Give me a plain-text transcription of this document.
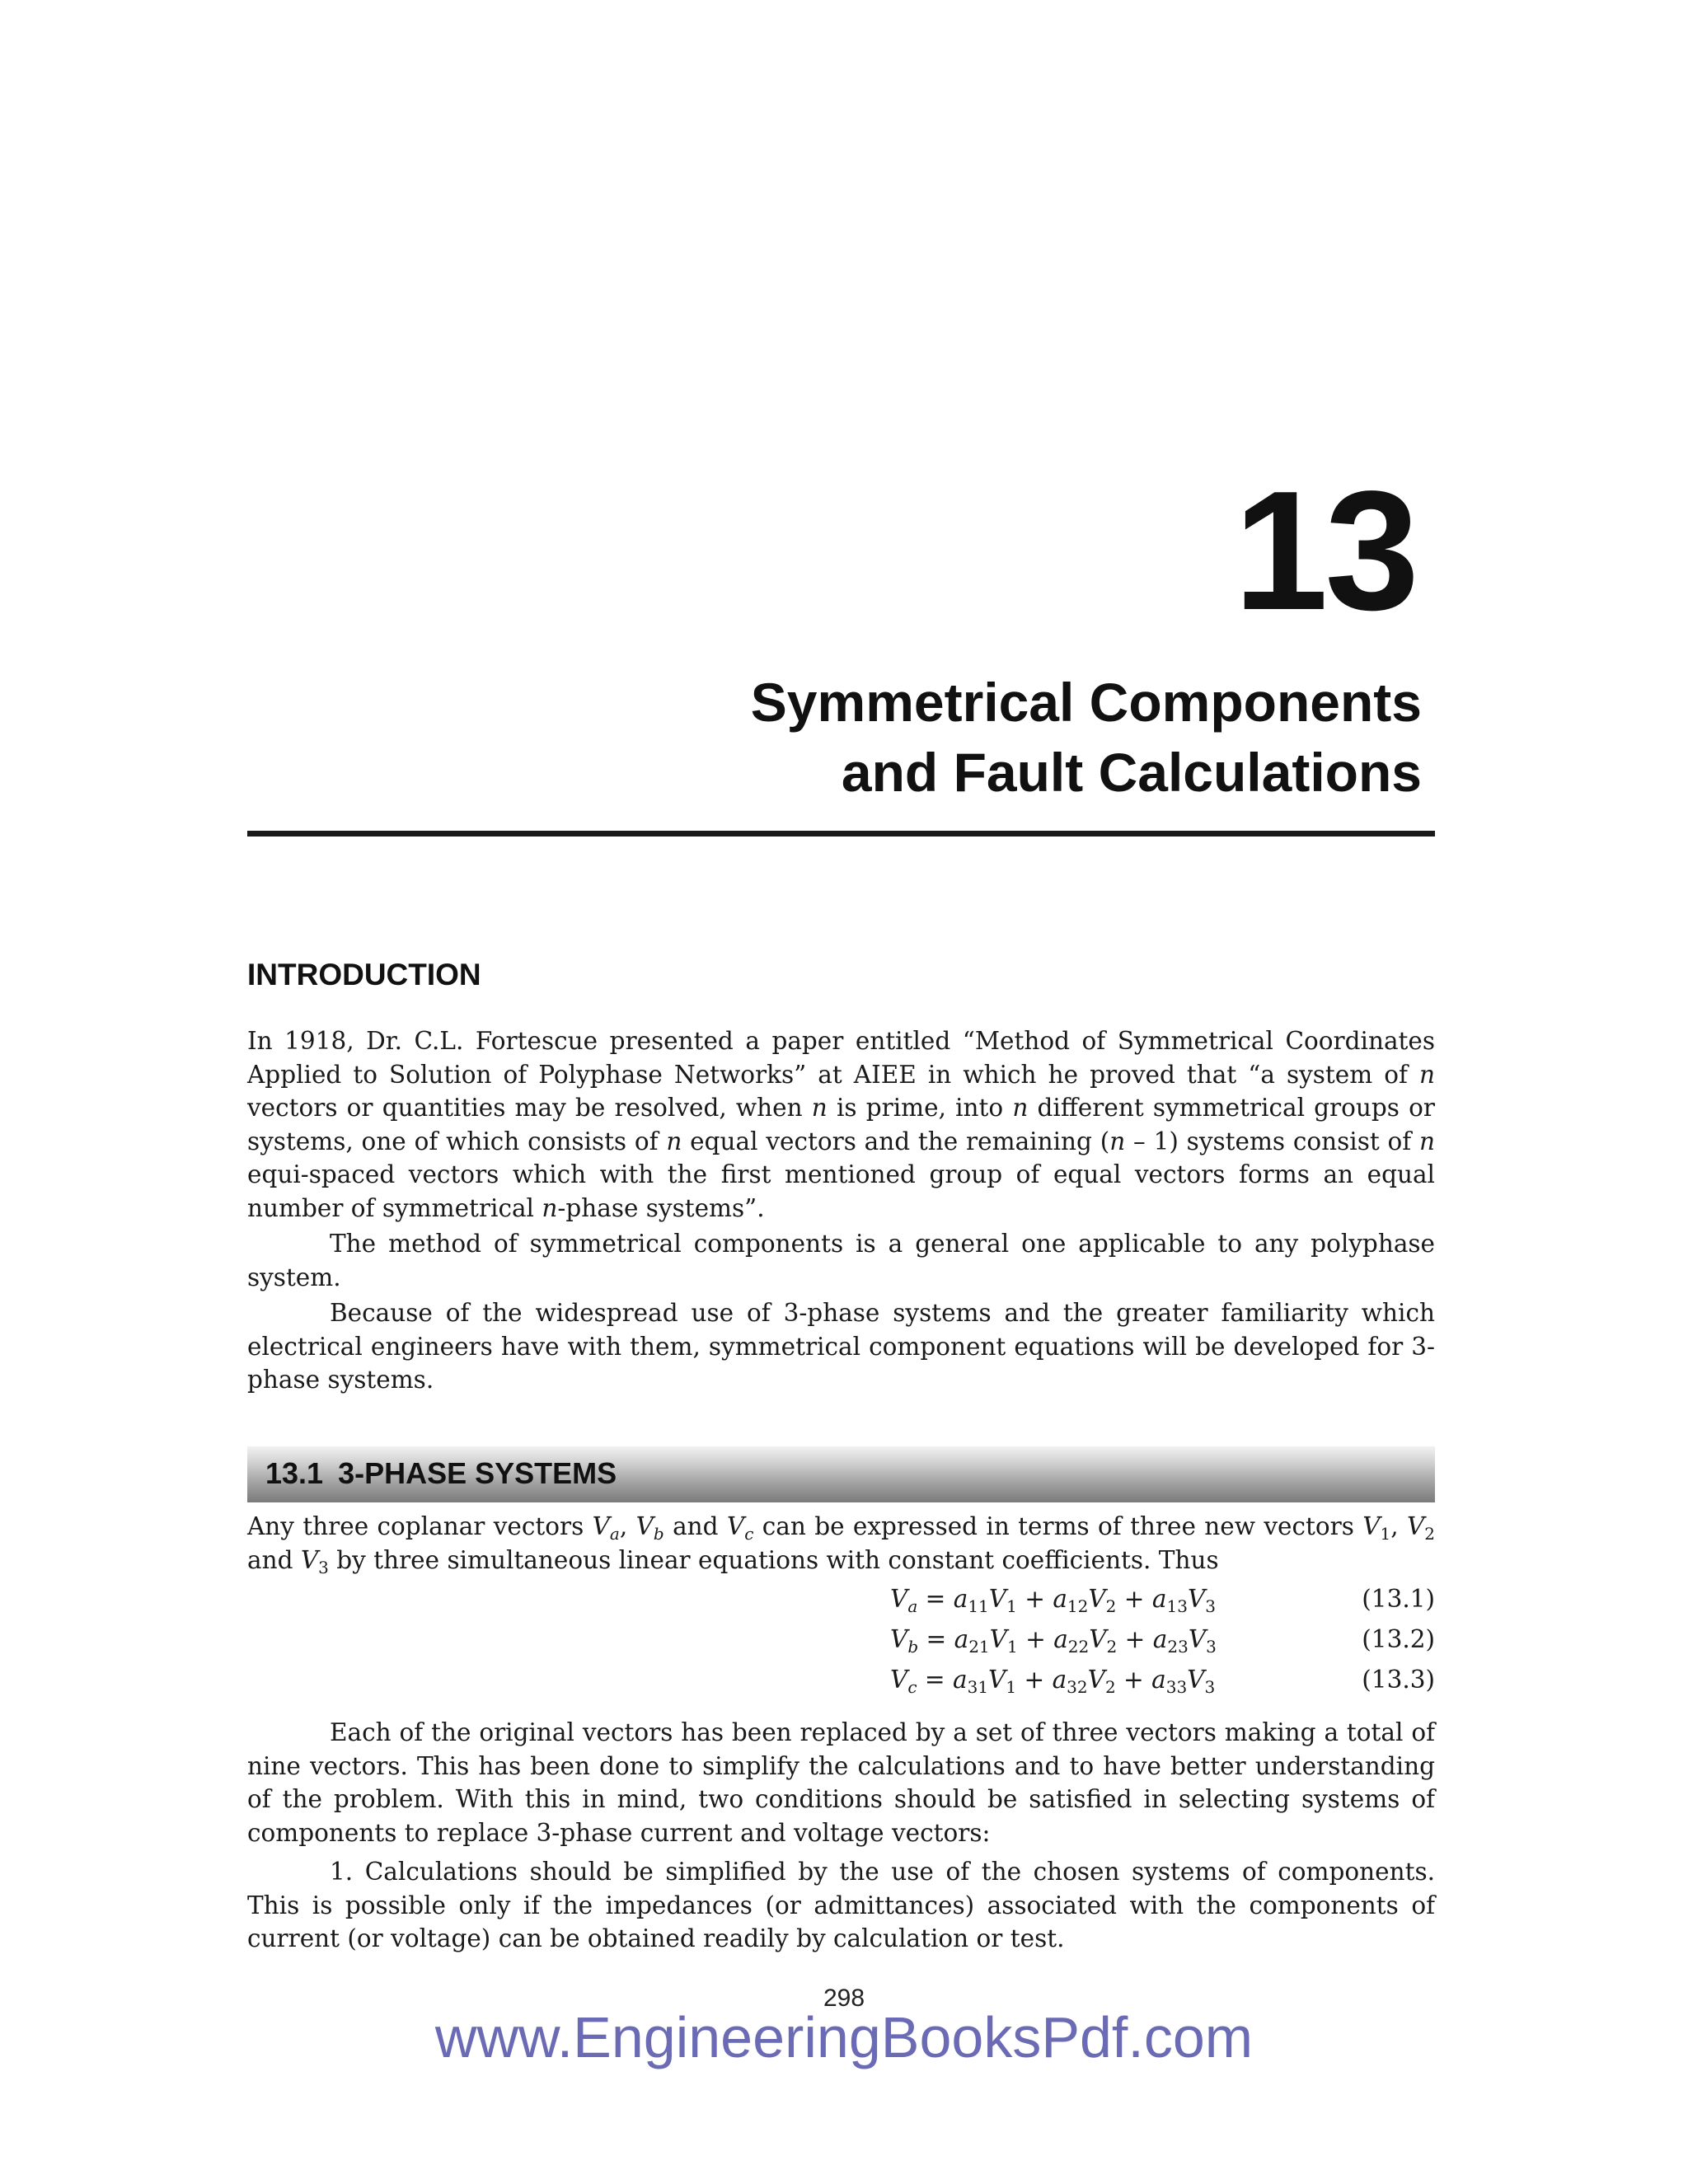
13
Symmetrical Components
and Fault Calculations
INTRODUCTION

In 1918, Dr. C.L. Fortescue presented a paper entitled “Method of Symmetrical Coordinates Applied to Solution of Polyphase Networks” at AIEE in which he proved that “a system of n vectors or quantities may be resolved, when n is prime, into n different symmetrical groups or systems, one of which consists of n equal vectors and the remaining (n – 1) systems consist of n equi-spaced vectors which with the first mentioned group of equal vectors forms an equal number of symmetrical n-phase systems”.

The method of symmetrical components is a general one applicable to any polyphase system.

Because of the widespread use of 3-phase systems and the greater familiarity which electrical engineers have with them, symmetrical component equations will be developed for 3-phase systems.

13.1 3-PHASE SYSTEMS

Any three coplanar vectors $V_a$, $V_b$ and $V_c$ can be expressed in terms of three new vectors $V_1$, $V_2$ and $V_3$ by three simultaneous linear equations with constant coefficients. Thus

$V_a = a_{11}V_1 + a_{12}V_2 + a_{13}V_3$	(13.1)
$V_b = a_{21}V_1 + a_{22}V_2 + a_{23}V_3$	(13.2)
$V_c = a_{31}V_1 + a_{32}V_2 + a_{33}V_3$	(13.3)

Each of the original vectors has been replaced by a set of three vectors making a total of nine vectors. This has been done to simplify the calculations and to have better understanding of the problem. With this in mind, two conditions should be satisfied in selecting systems of components to replace 3-phase current and voltage vectors:

1. Calculations should be simplified by the use of the chosen systems of components. This is possible only if the impedances (or admittances) associated with the components of current (or voltage) can be obtained readily by calculation or test.

298
www.EngineeringBooksPdf.com
